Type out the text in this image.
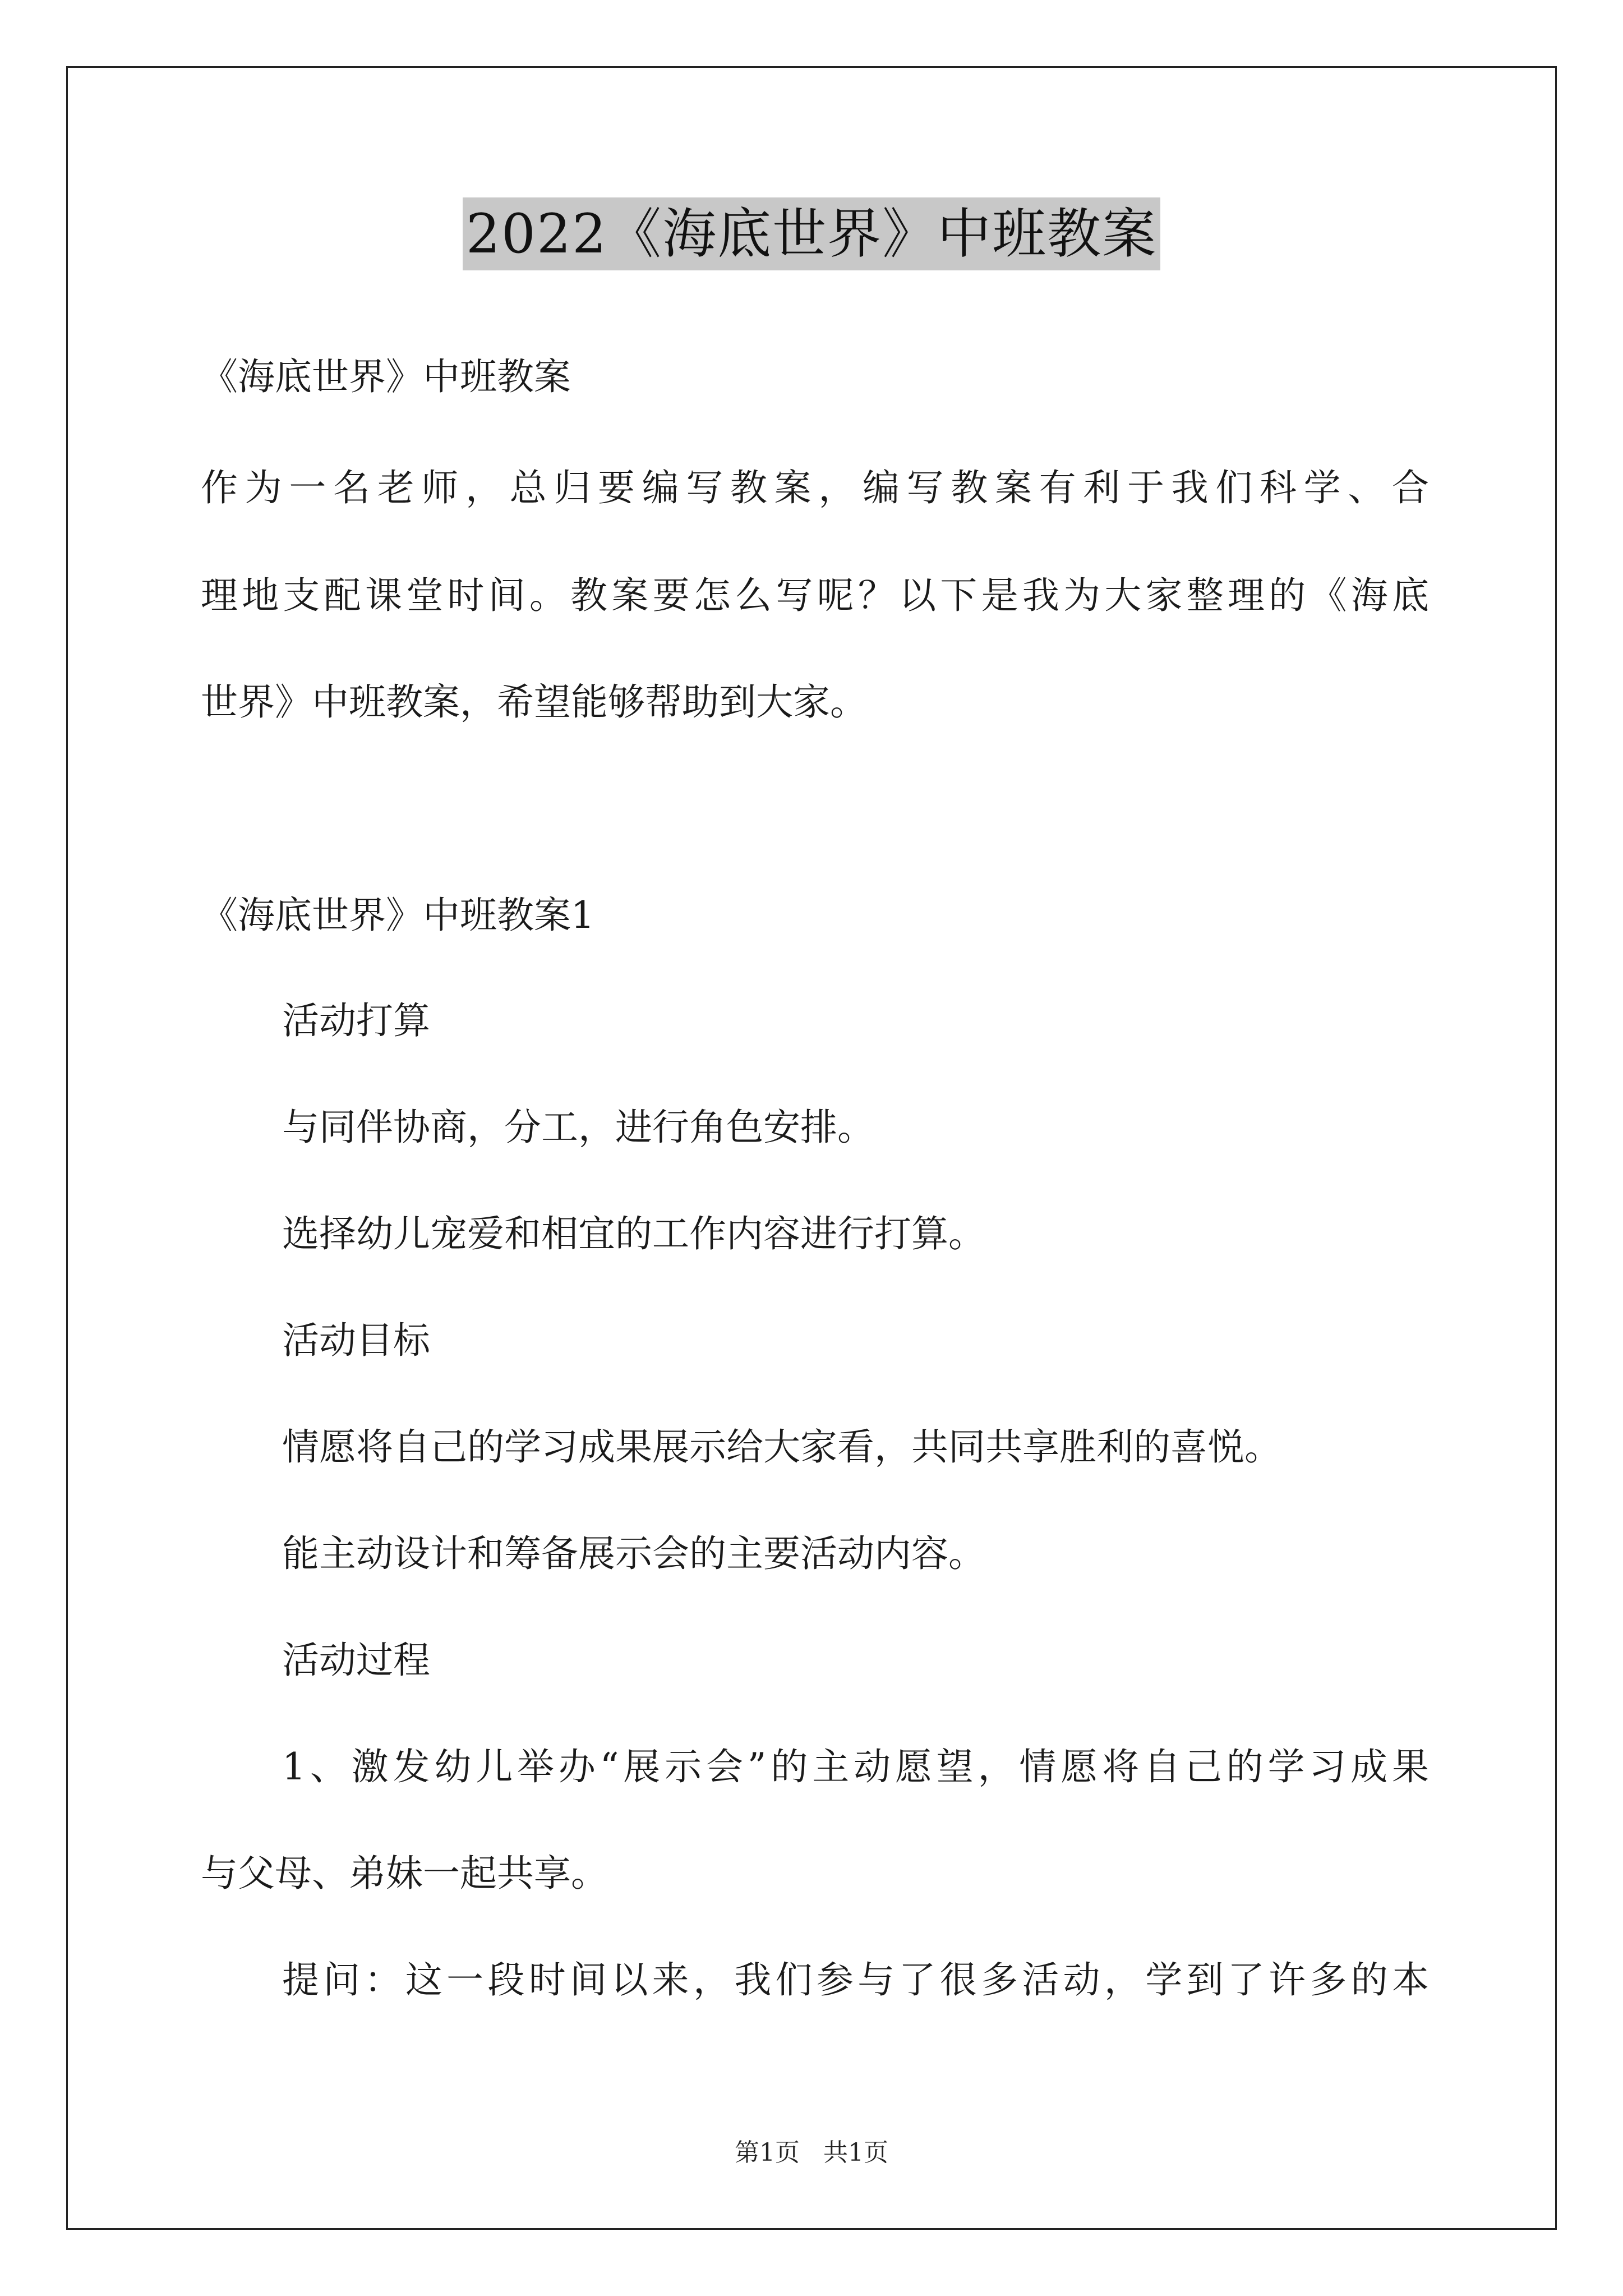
2022《海底世界》中班教案
《海底世界》中班教案
作为一名老师，总归要编写教案，编写教案有利于我们科学、合
理地支配课堂时间。教案要怎么写呢？以下是我为大家整理的《海底
世界》中班教案，希望能够帮助到大家。
《海底世界》中班教案1
活动打算
与同伴协商，分工，进行角色安排。
选择幼儿宠爱和相宜的工作内容进行打算。
活动目标
情愿将自己的学习成果展示给大家看，共同共享胜利的喜悦。
能主动设计和筹备展示会的主要活动内容。
活动过程
1、激发幼儿举办“展示会”的主动愿望，情愿将自己的学习成果
与父母、弟妹一起共享。
提问：这一段时间以来，我们参与了很多活动，学到了许多的本
第1页   共1页
